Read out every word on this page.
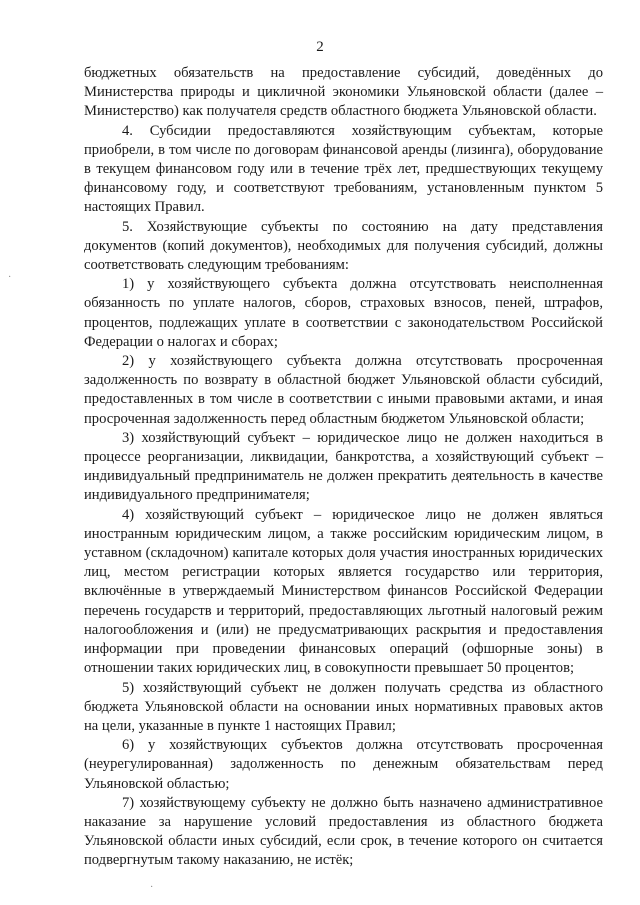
2

бюджетных обязательств на предоставление субсидий, доведённых до Министерства природы и цикличной экономики Ульяновской области (далее – Министерство) как получателя средств областного бюджета Ульяновской области.

4. Субсидии предоставляются хозяйствующим субъектам, которые приобрели, в том числе по договорам финансовой аренды (лизинга), оборудование в текущем финансовом году или в течение трёх лет, предшествующих текущему финансовому году, и соответствуют требованиям, установленным пунктом 5 настоящих Правил.

5. Хозяйствующие субъекты по состоянию на дату представления документов (копий документов), необходимых для получения субсидий, должны соответствовать следующим требованиям:

1) у хозяйствующего субъекта должна отсутствовать неисполненная обязанность по уплате налогов, сборов, страховых взносов, пеней, штрафов, процентов, подлежащих уплате в соответствии с законодательством Российской Федерации о налогах и сборах;

2) у хозяйствующего субъекта должна отсутствовать просроченная задолженность по возврату в областной бюджет Ульяновской области субсидий, предоставленных в том числе в соответствии с иными правовыми актами, и иная просроченная задолженность перед областным бюджетом Ульяновской области;

3) хозяйствующий субъект – юридическое лицо не должен находиться в процессе реорганизации, ликвидации, банкротства, а хозяйствующий субъект – индивидуальный предприниматель не должен прекратить деятельность в качестве индивидуального предпринимателя;

4) хозяйствующий субъект – юридическое лицо не должен являться иностранным юридическим лицом, а также российским юридическим лицом, в уставном (складочном) капитале которых доля участия иностранных юридических лиц, местом регистрации которых является государство или территория, включённые в утверждаемый Министерством финансов Российской Федерации перечень государств и территорий, предоставляющих льготный налоговый режим налогообложения и (или) не предусматривающих раскрытия и предоставления информации при проведении финансовых операций (офшорные зоны) в отношении таких юридических лиц, в совокупности превышает 50 процентов;

5) хозяйствующий субъект не должен получать средства из областного бюджета Ульяновской области на основании иных нормативных правовых актов на цели, указанные в пункте 1 настоящих Правил;

6) у хозяйствующих субъектов должна отсутствовать просроченная (неурегулированная) задолженность по денежным обязательствам перед Ульяновской областью;

7) хозяйствующему субъекту не должно быть назначено административное наказание за нарушение условий предоставления из областного бюджета Ульяновской области иных субсидий, если срок, в течение которого он считается подвергнутым такому наказанию, не истёк;

·
·
